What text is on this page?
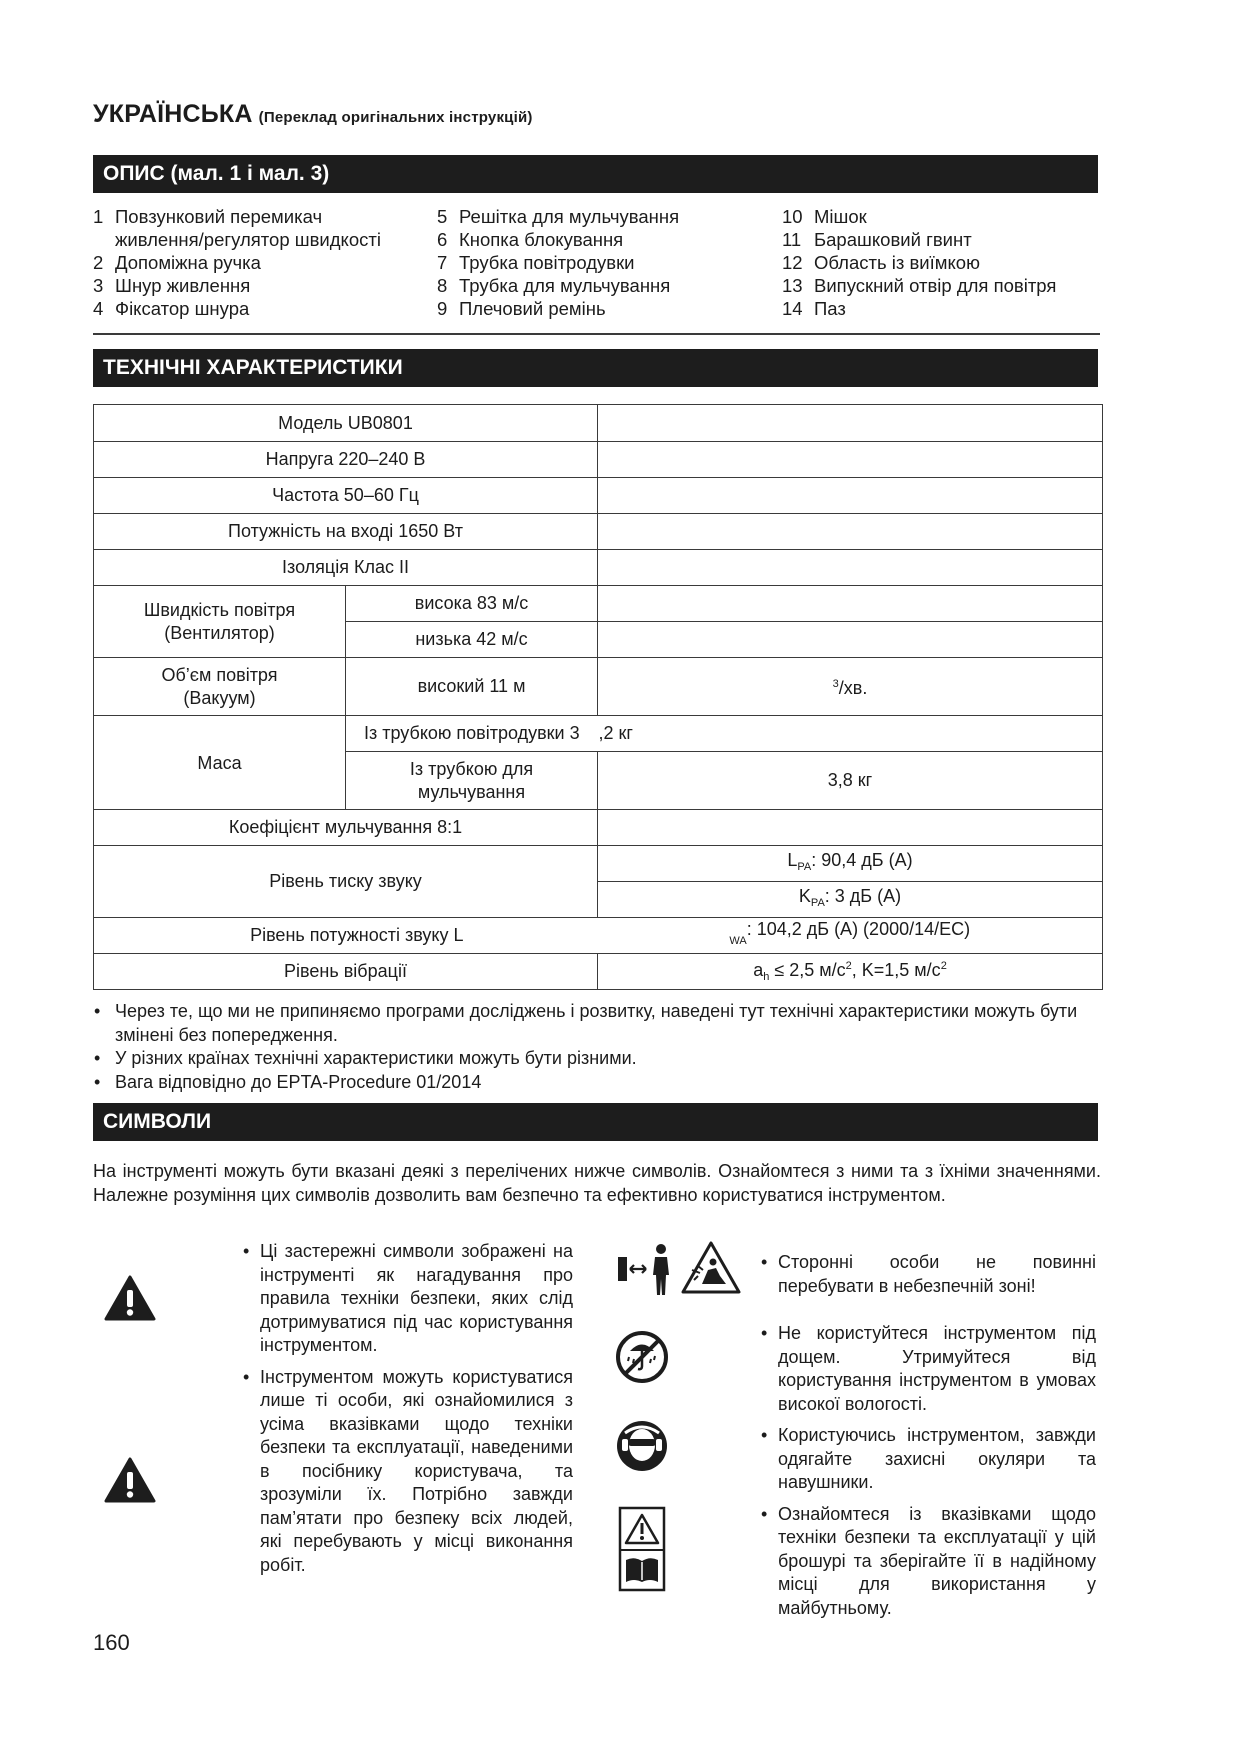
УКРАЇНСЬКА (Переклад оригінальних інструкцій)
ОПИС (мал. 1 і мал. 3)
1 Повзунковий перемикач
живлення/регулятор швидкості
2 Допоміжна ручка
3 Шнур живлення
4 Фіксатор шнура
5 Решітка для мульчування
6 Кнопка блокування
7 Трубка повітродувки
8 Трубка для мульчування
9 Плечовий ремінь
10 Мішок
11 Барашковий гвинт
12 Область із виїмкою
13 Випускний отвір для повітря
14 Паз
ТЕХНІЧНІ ХАРАКТЕРИСТИКИ
Модель UB0801		
Напруга 220–240 В		
Частота 50–60 Гц		
Потужність на вході 1650 Вт		
Ізоляція Клас II		
Швидкість повітря
(Вентилятор)	висока 83 м/с	
	низька 42 м/с	
Об’єм повітря
(Вакуум)	високий 11 м	$^3$/хв.
Маса	Із трубкою повітродувки 3	,2 кг
	Із трубкою для
мульчування	3,8 кг
Коефіцієнт мульчування 8:1		
Рівень тиску звуку		$L_{PA}$: 90,4 дБ (A)
		$K_{PA}$: 3 дБ (A)
Рівень потужності звуку L		$_{WA}$: 104,2 дБ (A) (2000/14/EC)
Рівень вібрації		$a_h \le 2,5$ $м/с^2$, K=1,5 $м/с^2$
• Через те, що ми не припиняємо програми досліджень і розвитку, наведені тут технічні характеристики можуть бути змінені без попередження.
• У різних країнах технічні характеристики можуть бути різними.
• Вага відповідно до EPTA-Procedure 01/2014
СИМВОЛИ
На інструменті можуть бути вказані деякі з перелічених нижче символів. Ознайомтеся з ними та з їхніми значеннями. Належне розуміння цих символів дозволить вам безпечно та ефективно користуватися інструментом.
• Ці застережні символи зображені на інструменті як нагадування про правила техніки безпеки, яких слід дотримуватися під час користування інструментом.
• Інструментом можуть користуватися лише ті особи, які ознайомилися з усіма вказівками щодо техніки безпеки та експлуатації, наведеними в посібнику користувача, та зрозуміли їх. Потрібно завжди пам’ятати про безпеку всіх людей, які перебувають у місці виконання робіт.
• Сторонні особи не повинні перебувати в небезпечній зоні!
• Не користуйтеся інструментом під дощем. Утримуйтеся від користування інструментом в умовах високої вологості.
• Користуючись інструментом, завжди одягайте захисні окуляри та навушники.
• Ознайомтеся із вказівками щодо техніки безпеки та експлуатації у цій брошурі та зберігайте її в надійному місці для використання у майбутньому.
160
